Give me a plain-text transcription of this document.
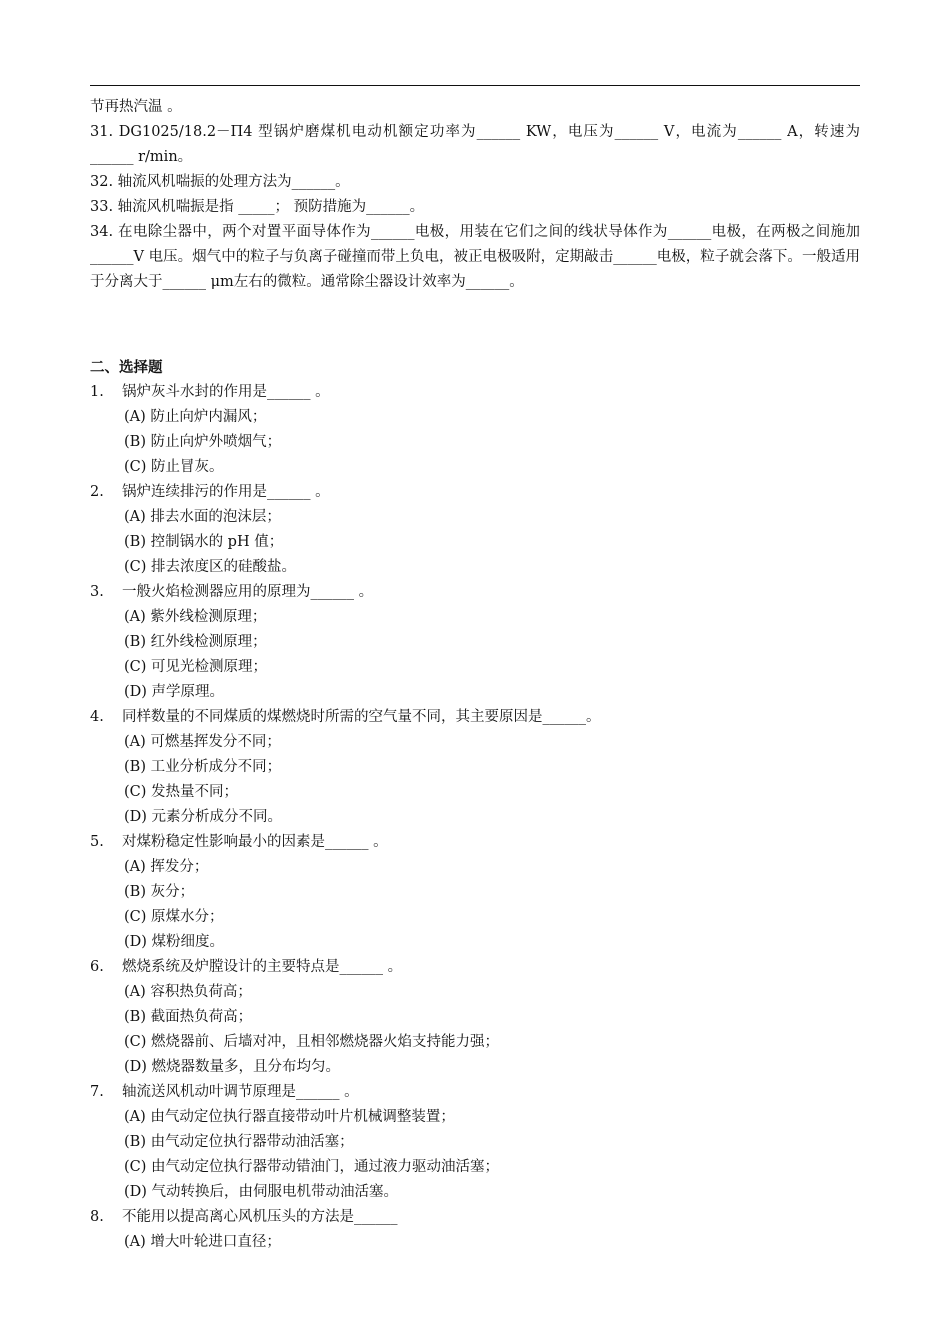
节再热汽温 。
31. DG1025/18.2－Π4 型锅炉磨煤机电动机额定功率为______ KW，电压为______ V，电流为______ A，转速为______ r/min。
32. 轴流风机喘振的处理方法为______。
33. 轴流风机喘振是指 _____； 预防措施为______。
34. 在电除尘器中，两个对置平面导体作为______电极，用装在它们之间的线状导体作为______电极，在两极之间施加______V 电压。烟气中的粒子与负离子碰撞而带上负电，被正电极吸附，定期敲击______电极，粒子就会落下。一般适用于分离大于______ μm左右的微粒。通常除尘器设计效率为______。
二、选择题
1.	锅炉灰斗水封的作用是______ 。
(A) 防止向炉内漏风；
(B) 防止向炉外喷烟气；
(C) 防止冒灰。
2.	锅炉连续排污的作用是______ 。
(A) 排去水面的泡沫层；
(B) 控制锅水的 pH 值；
(C) 排去浓度区的硅酸盐。
3.	一般火焰检测器应用的原理为______ 。
(A) 紫外线检测原理；
(B) 红外线检测原理；
(C) 可见光检测原理；
(D) 声学原理。
4.	同样数量的不同煤质的煤燃烧时所需的空气量不同，其主要原因是______。
(A) 可燃基挥发分不同；
(B) 工业分析成分不同；
(C) 发热量不同；
(D) 元素分析成分不同。
5.	对煤粉稳定性影响最小的因素是______ 。
(A) 挥发分；
(B) 灰分；
(C) 原煤水分；
(D) 煤粉细度。
6.	燃烧系统及炉膛设计的主要特点是______ 。
(A) 容积热负荷高；
(B) 截面热负荷高；
(C) 燃烧器前、后墙对冲，且相邻燃烧器火焰支持能力强；
(D) 燃烧器数量多，且分布均匀。
7.	轴流送风机动叶调节原理是______ 。
(A) 由气动定位执行器直接带动叶片机械调整装置；
(B) 由气动定位执行器带动油活塞；
(C) 由气动定位执行器带动错油门，通过液力驱动油活塞；
(D) 气动转换后，由伺服电机带动油活塞。
8.	不能用以提高离心风机压头的方法是______
(A) 增大叶轮进口直径；
